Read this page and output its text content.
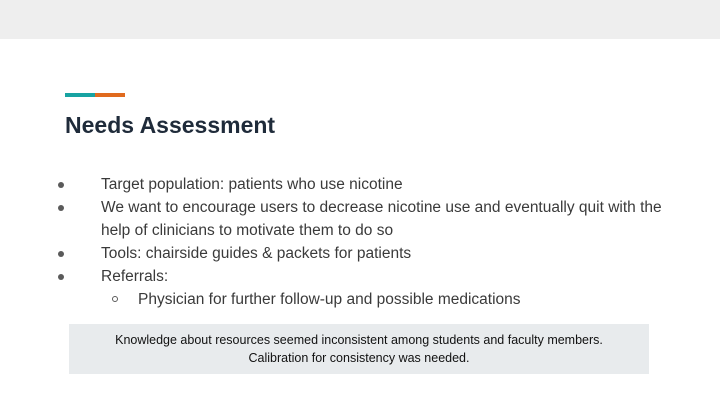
Needs Assessment
Target population: patients who use nicotine
We want to encourage users to decrease nicotine use and eventually quit with the help of clinicians to motivate them to do so
Tools: chairside guides & packets for patients
Referrals:
Physician for further follow-up and possible medications
Knowledge about resources seemed inconsistent among students and faculty members.
Calibration for consistency was needed.
